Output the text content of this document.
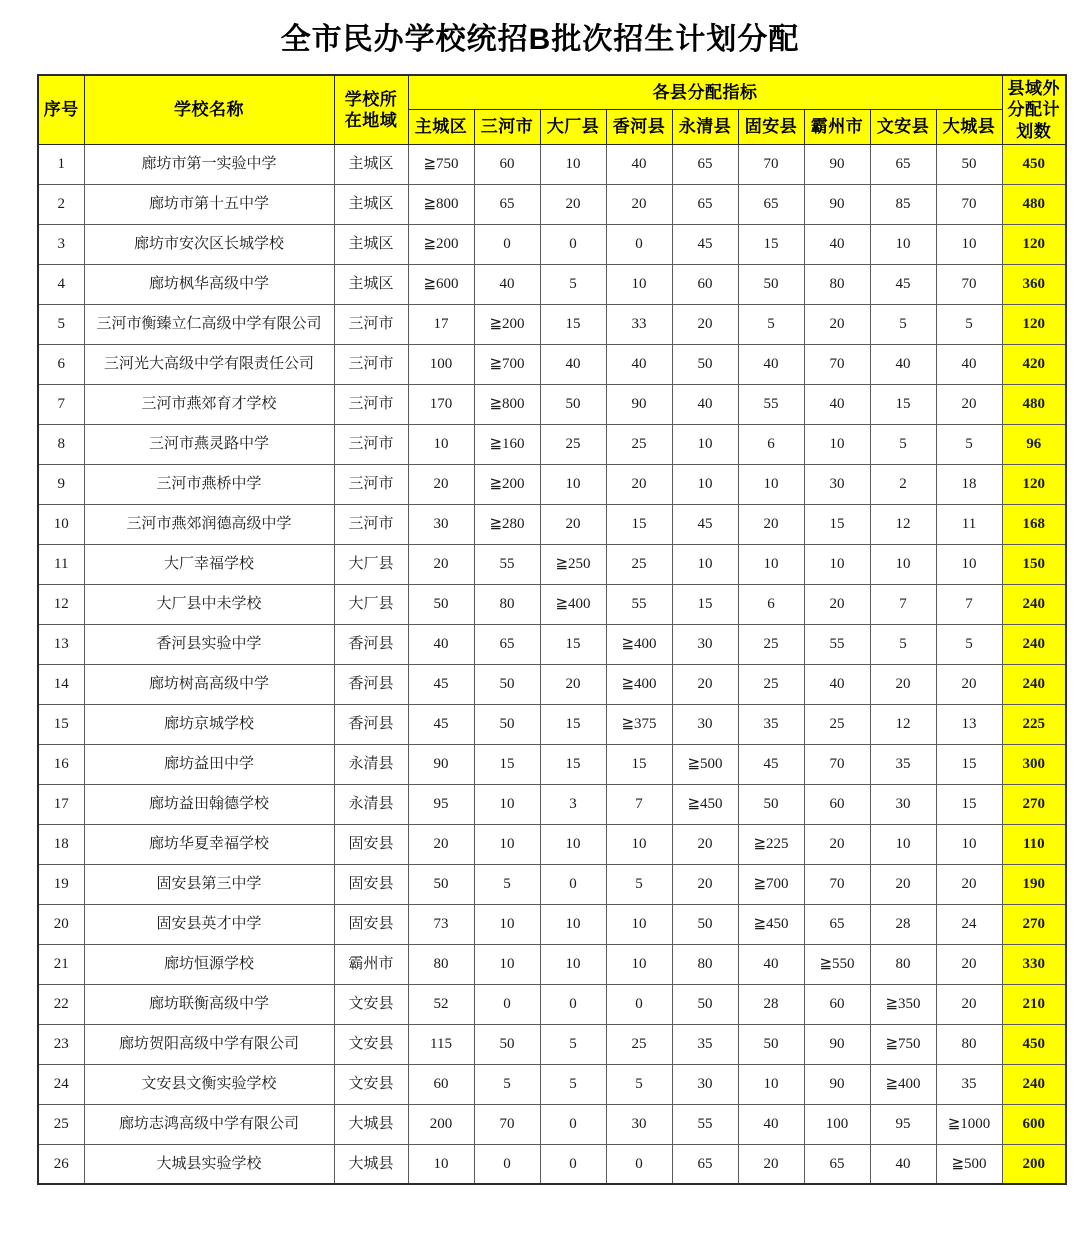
全市民办学校统招B批次招生计划分配
序号	学校名称	学校所在地域	各县分配指标									县域外分配计划数
			主城区	三河市	大厂县	香河县	永清县	固安县	霸州市	文安县	大城县	
1	廊坊市第一实验中学	主城区	≧750	60	10	40	65	70	90	65	50	450
2	廊坊市第十五中学	主城区	≧800	65	20	20	65	65	90	85	70	480
3	廊坊市安次区长城学校	主城区	≧200	0	0	0	45	15	40	10	10	120
4	廊坊枫华高级中学	主城区	≧600	40	5	10	60	50	80	45	70	360
5	三河市衡臻立仁高级中学有限公司	三河市	17	≧200	15	33	20	5	20	5	5	120
6	三河光大高级中学有限责任公司	三河市	100	≧700	40	40	50	40	70	40	40	420
7	三河市燕郊育才学校	三河市	170	≧800	50	90	40	55	40	15	20	480
8	三河市燕灵路中学	三河市	10	≧160	25	25	10	6	10	5	5	96
9	三河市燕桥中学	三河市	20	≧200	10	20	10	10	30	2	18	120
10	三河市燕郊润德高级中学	三河市	30	≧280	20	15	45	20	15	12	11	168
11	大厂幸福学校	大厂县	20	55	≧250	25	10	10	10	10	10	150
12	大厂县中未学校	大厂县	50	80	≧400	55	15	6	20	7	7	240
13	香河县实验中学	香河县	40	65	15	≧400	30	25	55	5	5	240
14	廊坊树高高级中学	香河县	45	50	20	≧400	20	25	40	20	20	240
15	廊坊京城学校	香河县	45	50	15	≧375	30	35	25	12	13	225
16	廊坊益田中学	永清县	90	15	15	15	≧500	45	70	35	15	300
17	廊坊益田翰德学校	永清县	95	10	3	7	≧450	50	60	30	15	270
18	廊坊华夏幸福学校	固安县	20	10	10	10	20	≧225	20	10	10	110
19	固安县第三中学	固安县	50	5	0	5	20	≧700	70	20	20	190
20	固安县英才中学	固安县	73	10	10	10	50	≧450	65	28	24	270
21	廊坊恒源学校	霸州市	80	10	10	10	80	40	≧550	80	20	330
22	廊坊联衡高级中学	文安县	52	0	0	0	50	28	60	≧350	20	210
23	廊坊贺阳高级中学有限公司	文安县	115	50	5	25	35	50	90	≧750	80	450
24	文安县文衡实验学校	文安县	60	5	5	5	30	10	90	≧400	35	240
25	廊坊志鸿高级中学有限公司	大城县	200	70	0	30	55	40	100	95	≧1000	600
26	大城县实验学校	大城县	10	0	0	0	65	20	65	40	≧500	200
